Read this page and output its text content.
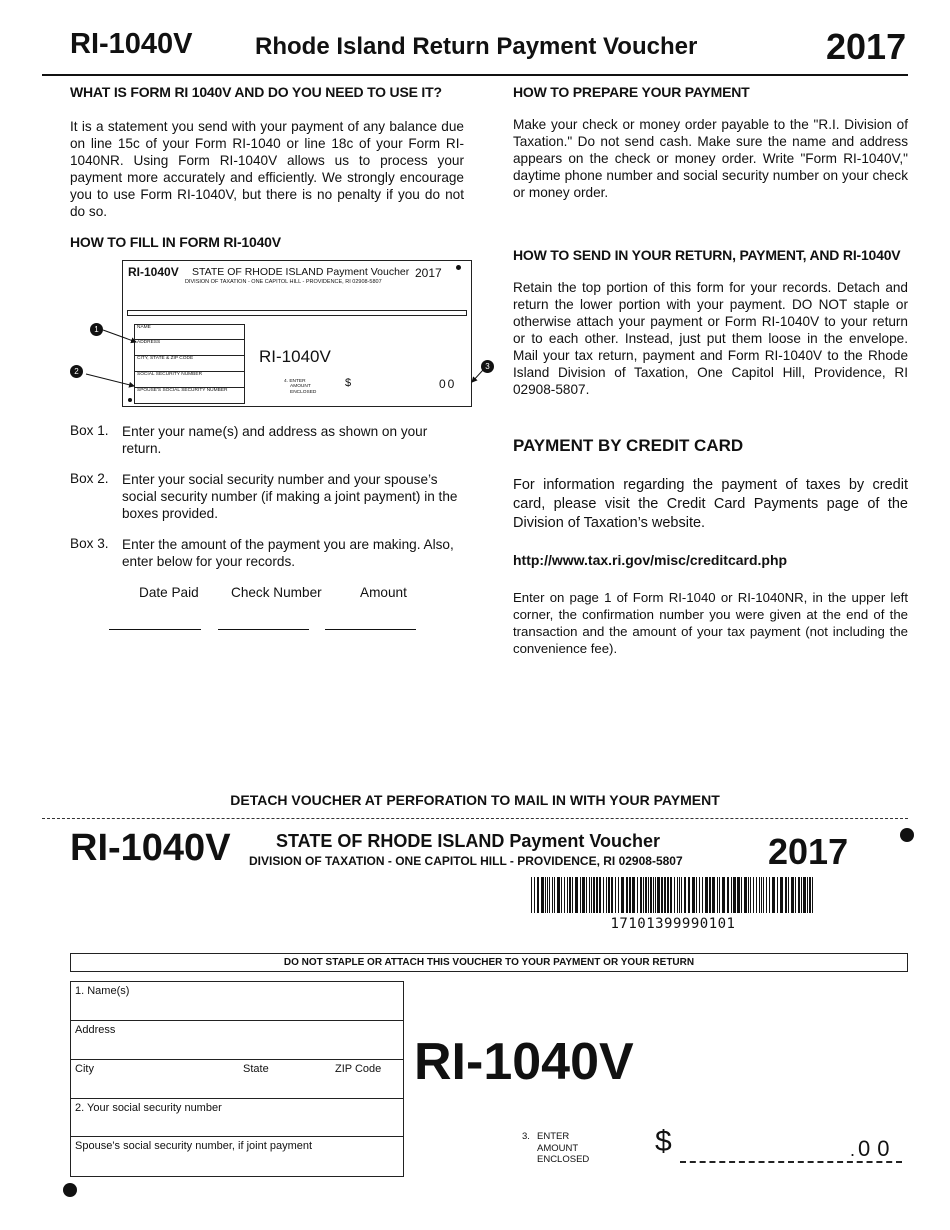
RI-1040V	Rhode Island Return Payment Voucher	2017
WHAT IS FORM RI 1040V AND DO YOU NEED TO USE IT?
It is a statement you send with your payment of any balance due on line 15c of your Form RI-1040 or line 18c of your Form RI-1040NR. Using Form RI-1040V allows us to process your payment more accurately and efficiently. We strongly encourage you to use Form RI-1040V, but there is no penalty if you do not do so.
HOW TO FILL IN FORM RI-1040V
RI-1040V STATE OF RHODE ISLAND Payment Voucher
DIVISION OF TAXATION - ONE CAPITOL HILL - PROVIDENCE, RI 02908-5807
2017
NAME
ADDRESS
CITY, STATE & ZIP CODE
SOCIAL SECURITY NUMBER
SPOUSE'S SOCIAL SECURITY NUMBER
RI-1040V
4. ENTER
AMOUNT
ENCLOSED
$	00
1
2
3
Box 1. Enter your name(s) and address as shown on your return.
Box 2. Enter your social security number and your spouse’s social security number (if making a joint payment) in the boxes provided.
Box 3. Enter the amount of the payment you are making. Also, enter below for your records.
Date Paid Check Number	Amount
HOW TO PREPARE YOUR PAYMENT
Make your check or money order payable to the "R.I. Division of Taxation." Do not send cash. Make sure the name and address appears on the check or money order. Write "Form RI-1040V," daytime phone number and social security number on your check or money order.
HOW TO SEND IN YOUR RETURN, PAYMENT, AND RI-1040V
Retain the top portion of this form for your records. Detach and return the lower portion with your payment. DO NOT staple or otherwise attach your payment or Form RI-1040V to your return or to each other. Instead, just put them loose in the envelope. Mail your tax return, payment and Form RI-1040V to the Rhode Island Division of Taxation, One Capitol Hill, Providence, RI 02908-5807.
PAYMENT BY CREDIT CARD
For information regarding the payment of taxes by credit card, please visit the Credit Card Payments page of the Division of Taxation’s website.
http://www.tax.ri.gov/misc/creditcard.php
Enter on page 1 of Form RI-1040 or RI-1040NR, in the upper left corner, the confirmation number you were given at the end of the transaction and the amount of your tax payment (not including the convenience fee).
DETACH VOUCHER AT PERFORATION TO MAIL IN WITH YOUR PAYMENT
RI-1040V	STATE OF RHODE ISLAND Payment Voucher
DIVISION OF TAXATION - ONE CAPITOL HILL - PROVIDENCE, RI 02908-5807 2017
17101399990101
DO NOT STAPLE OR ATTACH THIS VOUCHER TO YOUR PAYMENT OR YOUR RETURN
1. Name(s)
Address
City	State	ZIP Code
2. Your social security number
Spouse’s social security number, if joint payment
RI-1040V
3. ENTER
AMOUNT
ENCLOSED
$	. 00
